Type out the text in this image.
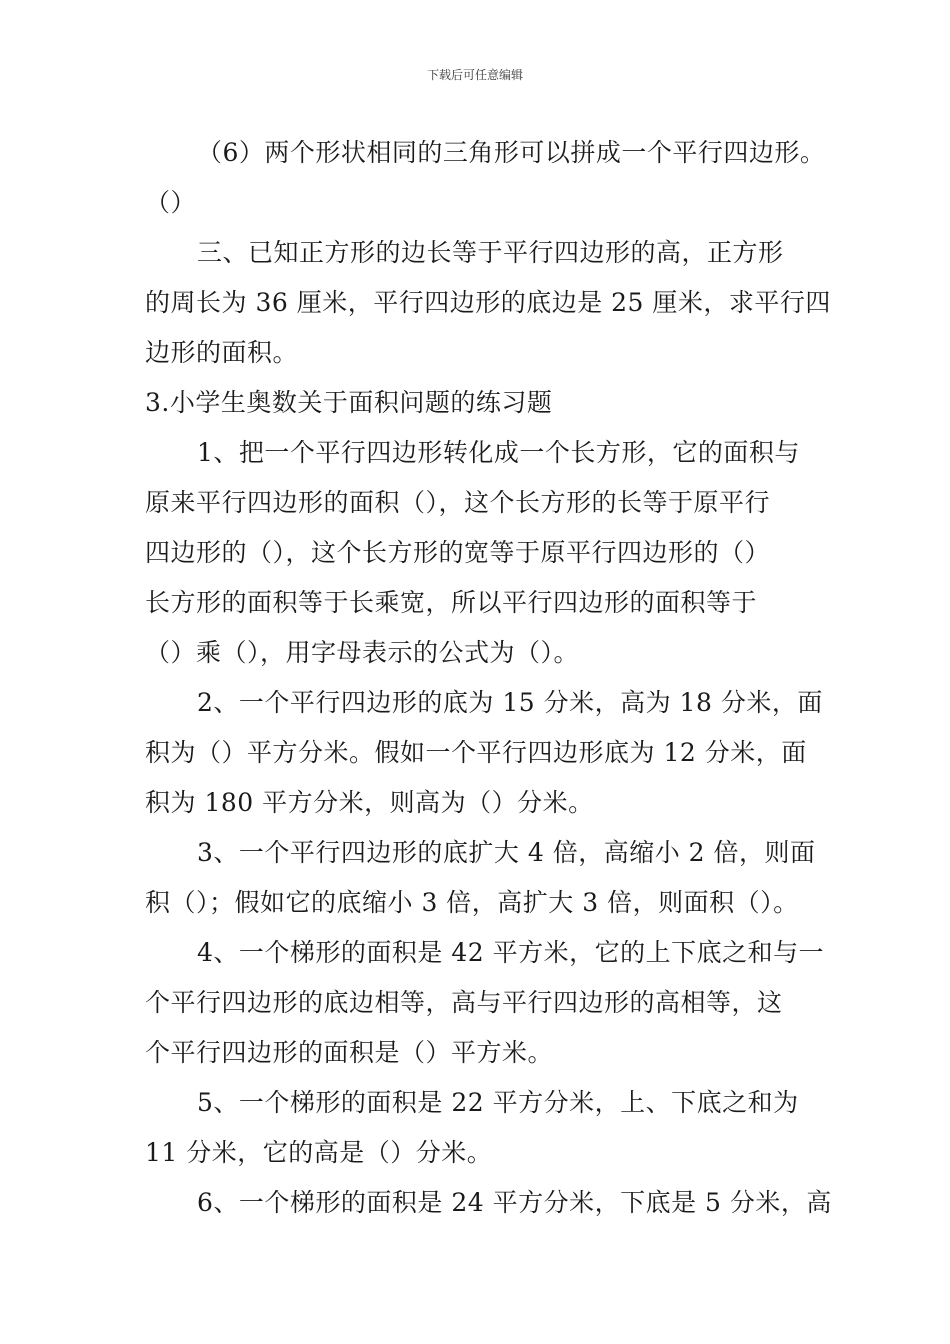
下载后可任意编辑
（6）两个形状相同的三角形可以拼成一个平行四边形。
（）
三、已知正方形的边长等于平行四边形的高，正方形
的周长为 36 厘米，平行四边形的底边是 25 厘米，求平行四
边形的面积。
3.小学生奥数关于面积问题的练习题
1、把一个平行四边形转化成一个长方形，它的面积与
原来平行四边形的面积（），这个长方形的长等于原平行
四边形的（），这个长方形的宽等于原平行四边形的（）
长方形的面积等于长乘宽，所以平行四边形的面积等于
（）乘（），用字母表示的公式为（）。
2、一个平行四边形的底为 15 分米，高为 18 分米，面
积为（）平方分米。假如一个平行四边形底为 12 分米，面
积为 180 平方分米，则高为（）分米。
3、一个平行四边形的底扩大 4 倍，高缩小 2 倍，则面
积（）；假如它的底缩小 3 倍，高扩大 3 倍，则面积（）。
4、一个梯形的面积是 42 平方米，它的上下底之和与一
个平行四边形的底边相等，高与平行四边形的高相等，这
个平行四边形的面积是（）平方米。
5、一个梯形的面积是 22 平方分米，上、下底之和为
11 分米，它的高是（）分米。
6、一个梯形的面积是 24 平方分米，下底是 5 分米，高
